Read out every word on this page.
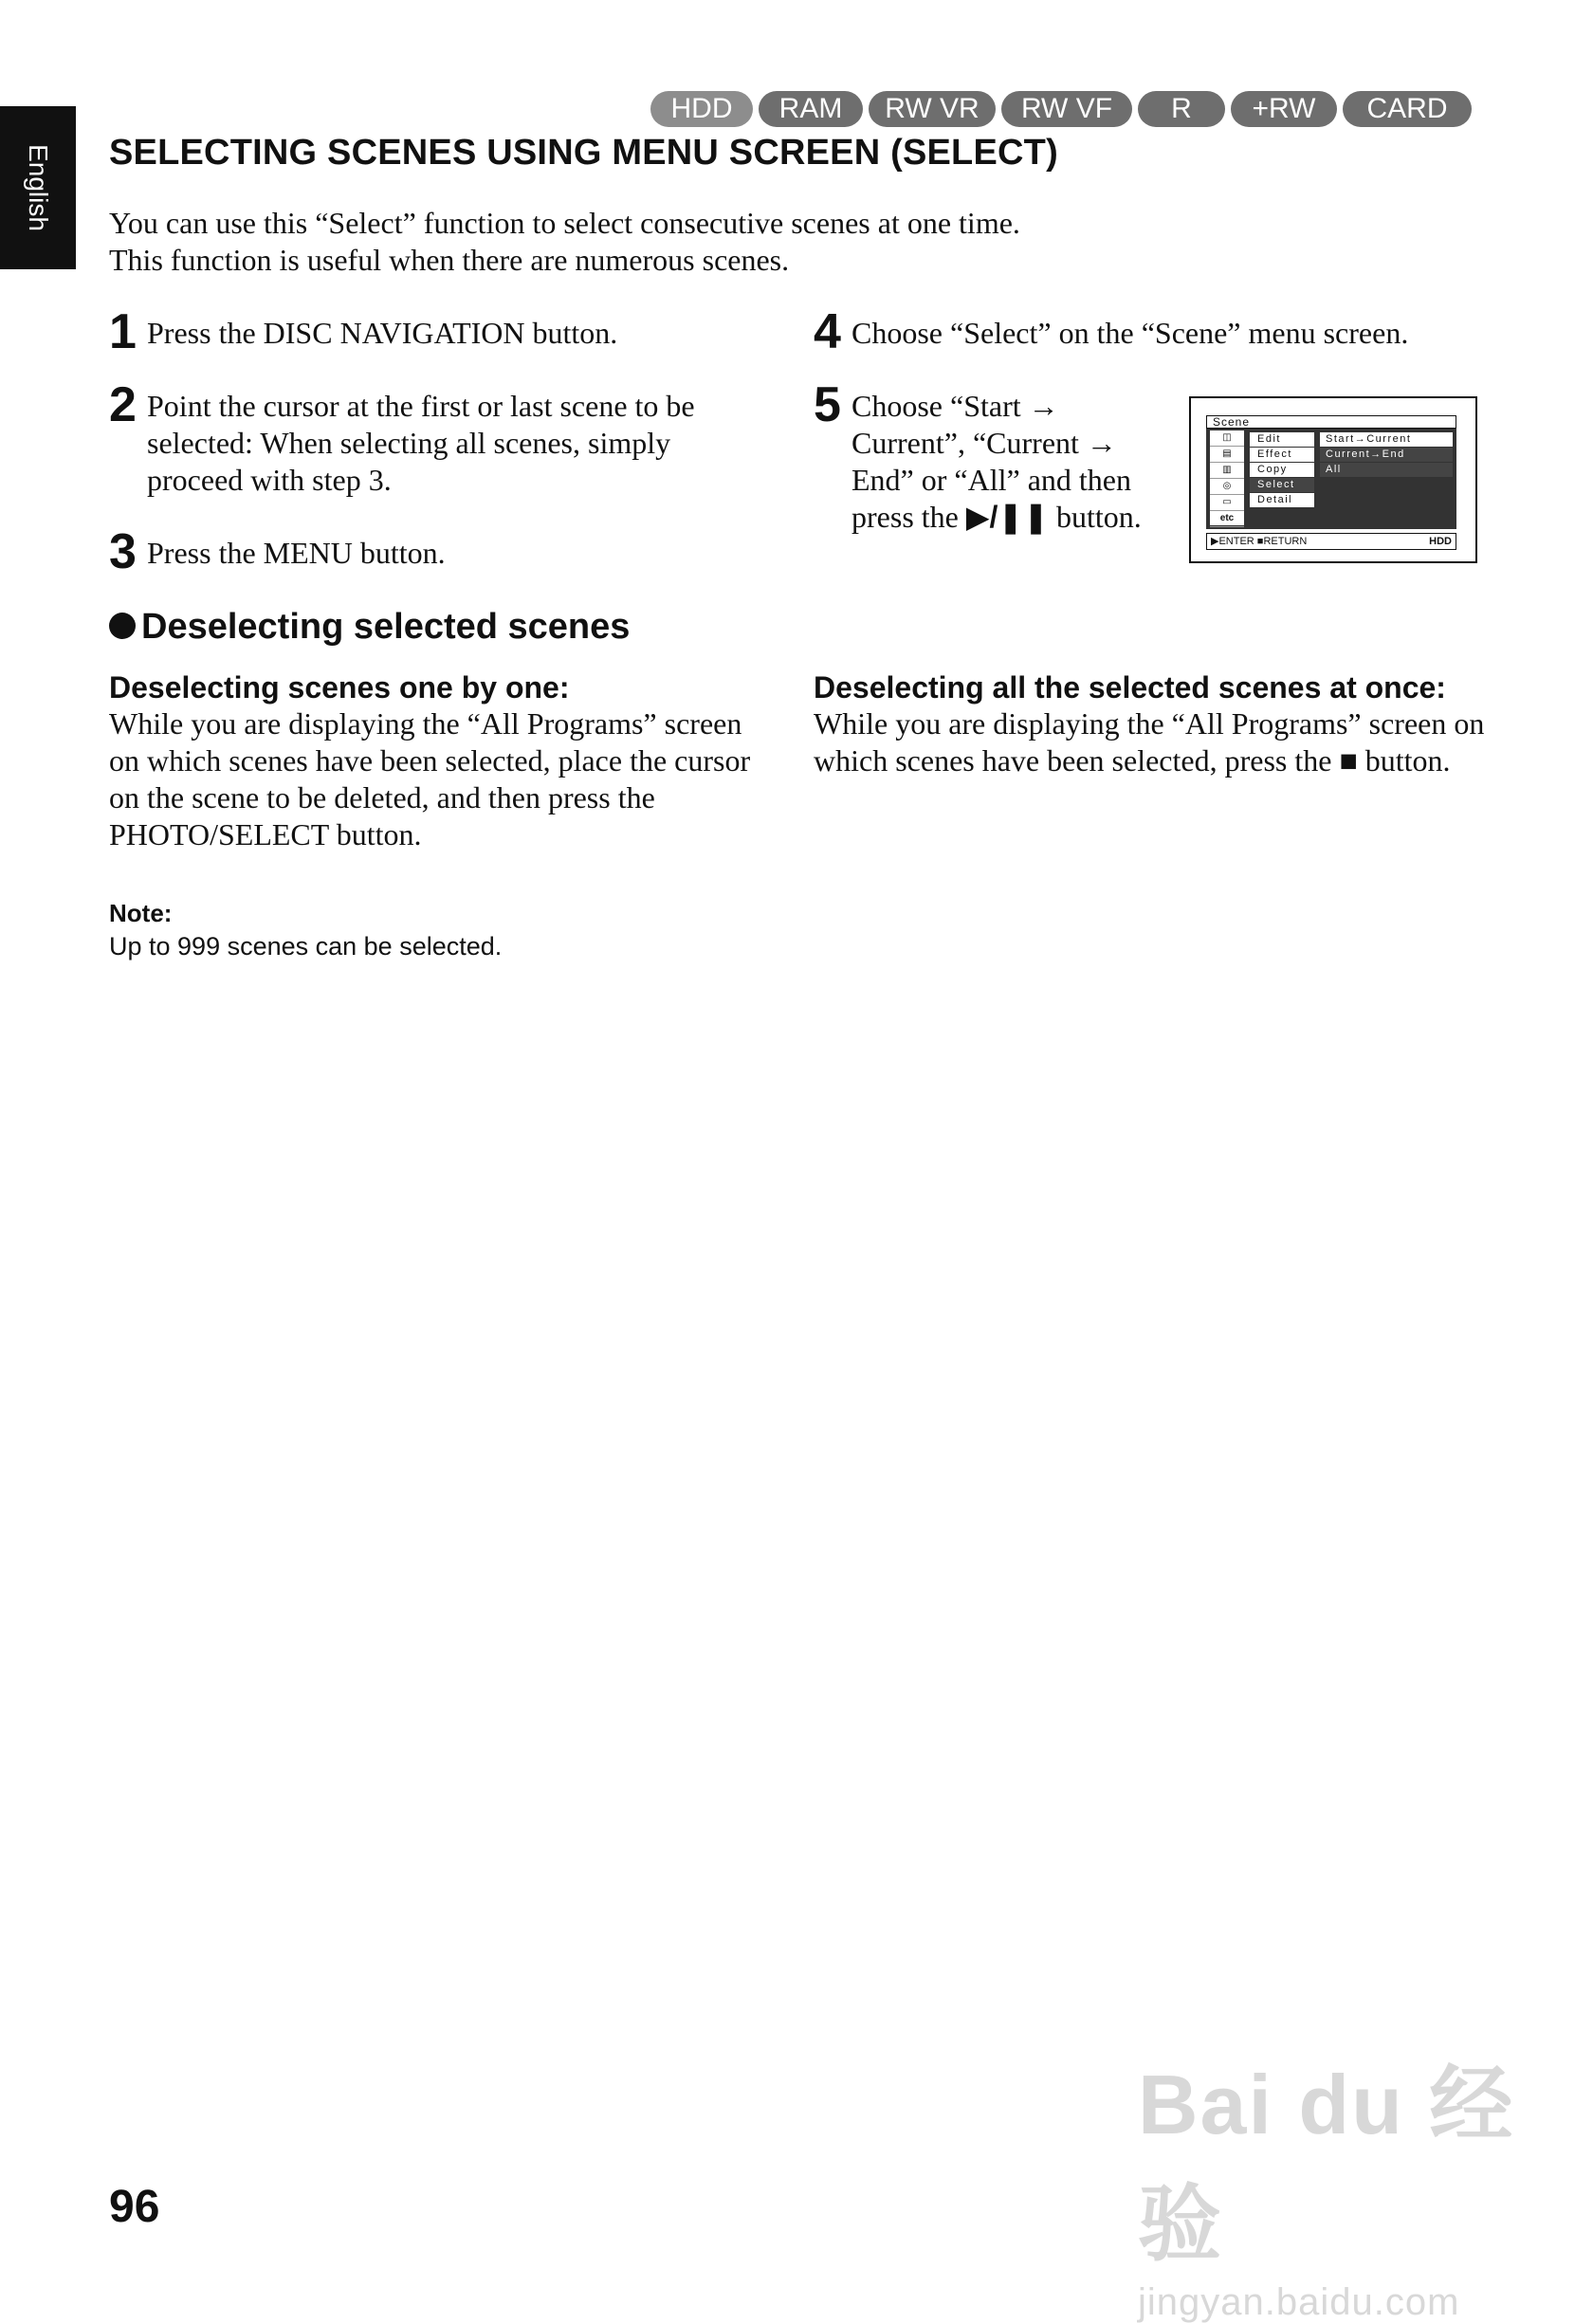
English
HDD	RAM	RW VR	RW VF	R	+RW	CARD
SELECTING SCENES USING MENU SCREEN (SELECT)
You can use this “Select” function to select consecutive scenes at one time.
This function is useful when there are numerous scenes.
1 Press the DISC NAVIGATION button.
2 Point the cursor at the first or last scene to be selected: When selecting all scenes, simply proceed with step 3.
3 Press the MENU button.
4 Choose “Select” on the “Scene” menu screen.
5 Choose “Start → Current”, “Current → End” or “All” and then press the ▶/❚❚ button.
Scene
◫
▤
▥
◎
▭
etc
Edit
Effect
Copy
Select
Detail
Start→Current
Current→End
All
▶ENTER ■RETURN	HDD
Deselecting selected scenes
Deselecting scenes one by one:

While you are displaying the “All Programs” screen on which scenes have been selected, place the cursor on the scene to be deleted, and then press the PHOTO/SELECT button.

Deselecting all the selected scenes at once:

While you are displaying the “All Programs” screen on which scenes have been selected, press the ■ button.

Note:
Up to 999 scenes can be selected.
96
Bai du 经验
jingyan.baidu.com
